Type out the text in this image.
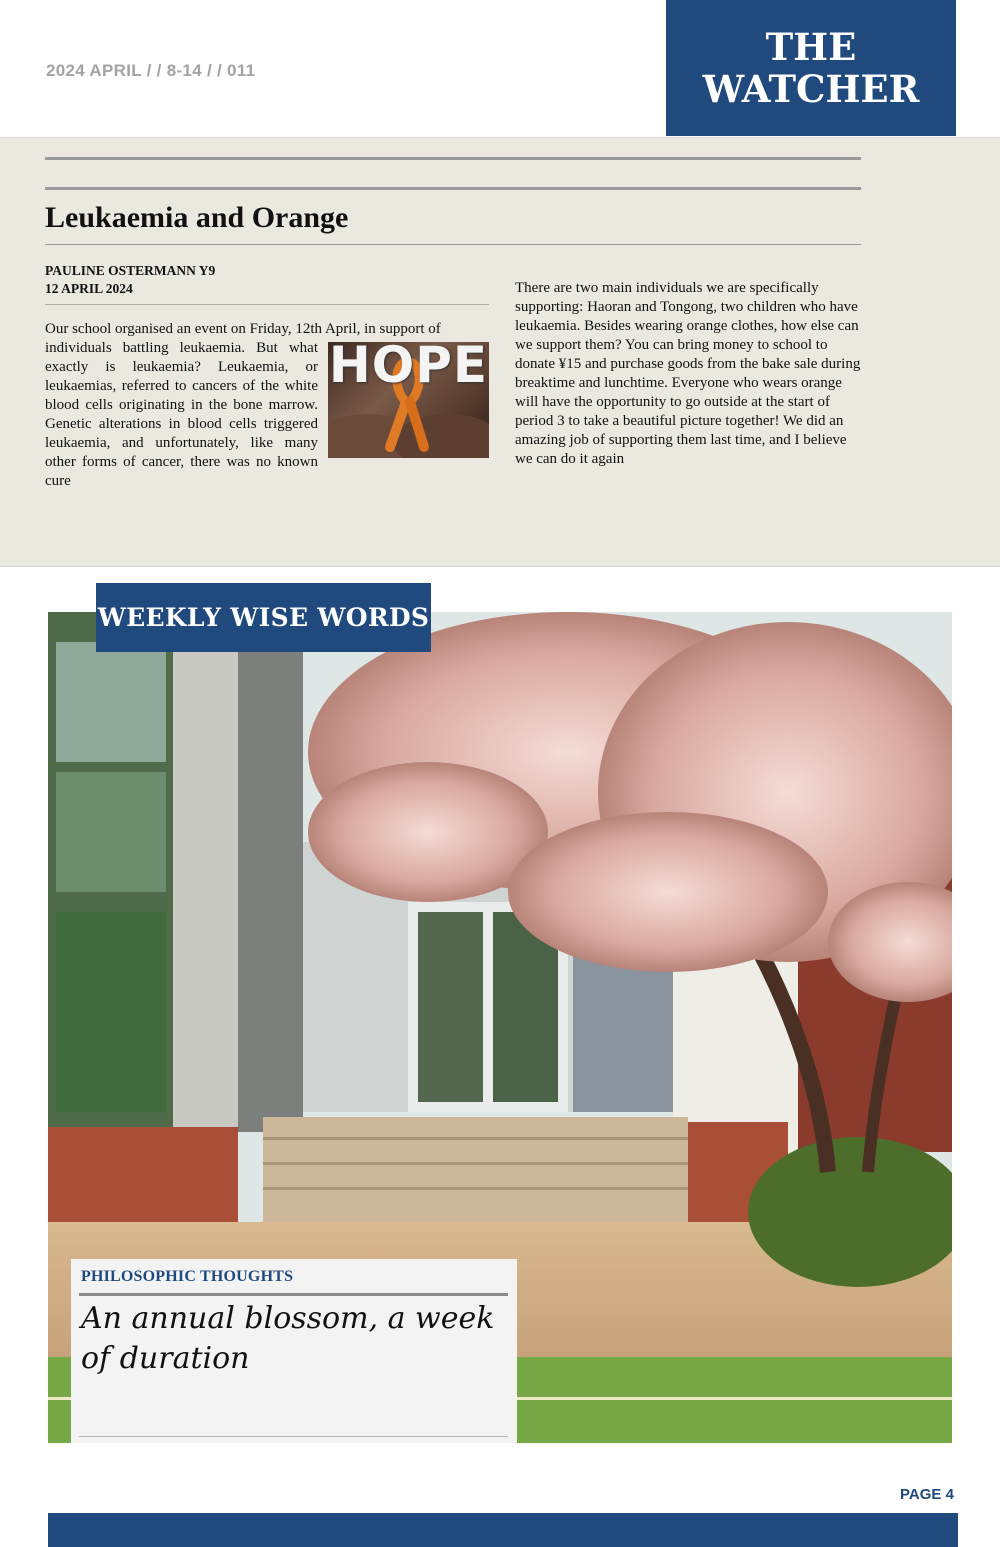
2024 APRIL / / 8-14 / / 011
THE
WATCHER
Leukaemia and Orange
PAULINE OSTERMANN Y9
12 APRIL 2024
Our school organised an event on Friday, 12th April, in support of
HOPE
individuals battling leukaemia. But what exactly is leukaemia? Leukaemia, or leukaemias, referred to cancers of the white blood cells originating in the bone marrow. Genetic alterations in blood cells triggered leukaemia, and unfortunately, like many other forms of cancer, there was no known cure
There are two main individuals we are specifically supporting: Haoran and Tongong, two children who have leukaemia. Besides wearing orange clothes, how else can we support them? You can bring money to school to donate ¥15 and purchase goods from the bake sale during breaktime and lunchtime. Everyone who wears orange will have the opportunity to go outside at the start of period 3 to take a beautiful picture together! We did an amazing job of supporting them last time, and I believe we can do it again
WEEKLY WISE WORDS
PHILOSOPHIC THOUGHTS
An annual blossom, a week of duration
PAGE 4
